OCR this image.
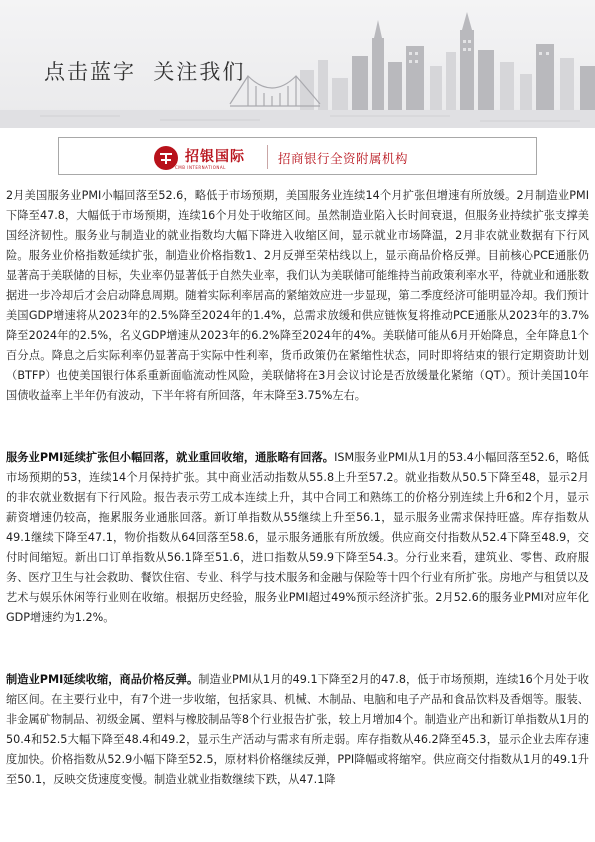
点击蓝字  关注我们
招银国际
CMB INTERNATIONAL
招商银行全资附属机构

2月美国服务业PMI小幅回落至52.6，略低于市场预期，美国服务业连续14个月扩张但增速有所放缓。2月制造业PMI下降至47.8，大幅低于市场预期，连续16个月处于收缩区间。虽然制造业陷入长时间衰退，但服务业持续扩张支撑美国经济韧性。服务业与制造业的就业指数均大幅下降进入收缩区间，显示就业市场降温，2月非农就业数据有下行风险。服务业价格指数延续扩张，制造业价格指数1、2月反弹至荣枯线以上，显示商品价格反弹。目前核心PCE通胀仍显著高于美联储的目标，失业率仍显著低于自然失业率，我们认为美联储可能维持当前政策利率水平，待就业和通胀数据进一步冷却后才会启动降息周期。随着实际利率居高的紧缩效应进一步显现，第二季度经济可能明显冷却。我们预计美国GDP增速将从2023年的2.5%降至2024年的1.4%，总需求放缓和供应链恢复将推动PCE通胀从2023年的3.7%降至2024年的2.5%，名义GDP增速从2023年的6.2%降至2024年的4%。美联储可能从6月开始降息，全年降息1个百分点。降息之后实际利率仍显著高于实际中性利率，货币政策仍在紧缩性状态，同时即将结束的银行定期资助计划（BTFP）也使美国银行体系重新面临流动性风险，美联储将在3月会议讨论是否放缓量化紧缩（QT）。预计美国10年国债收益率上半年仍有波动，下半年将有所回落，年末降至3.75%左右。

服务业PMI延续扩张但小幅回落，就业重回收缩，通胀略有回落。ISM服务业PMI从1月的53.4小幅回落至52.6，略低市场预期的53，连续14个月保持扩张。其中商业活动指数从55.8上升至57.2。就业指数从50.5下降至48，显示2月的非农就业数据有下行风险。报告表示劳工成本连续上升，其中合同工和熟练工的价格分别连续上升6和2个月，显示薪资增速仍较高，拖累服务业通胀回落。新订单指数从55继续上升至56.1，显示服务业需求保持旺盛。库存指数从49.1继续下降至47.1，物价指数从64回落至58.6，显示服务通胀有所放缓。供应商交付指数从52.4下降至48.9，交付时间缩短。新出口订单指数从56.1降至51.6，进口指数从59.9下降至54.3。分行业来看，建筑业、零售、政府服务、医疗卫生与社会救助、餐饮住宿、专业、科学与技术服务和金融与保险等十四个行业有所扩张。房地产与租赁以及艺术与娱乐休闲等行业则在收缩。根据历史经验，服务业PMI超过49%预示经济扩张。2月52.6的服务业PMI对应年化GDP增速约为1.2%。

制造业PMI延续收缩，商品价格反弹。制造业PMI从1月的49.1下降至2月的47.8，低于市场预期，连续16个月处于收缩区间。在主要行业中，有7个进一步收缩，包括家具、机械、木制品、电脑和电子产品和食品饮料及香烟等。服装、非金属矿物制品、初级金属、塑料与橡胶制品等8个行业报告扩张，较上月增加4个。制造业产出和新订单指数从1月的50.4和52.5大幅下降至48.4和49.2，显示生产活动与需求有所走弱。库存指数从46.2降至45.3，显示企业去库存速度加快。价格指数从52.9小幅下降至52.5，原材料价格继续反弹，PPI降幅或将缩窄。供应商交付指数从1月的49.1升至50.1，反映交货速度变慢。制造业就业指数继续下跌，从47.1降
